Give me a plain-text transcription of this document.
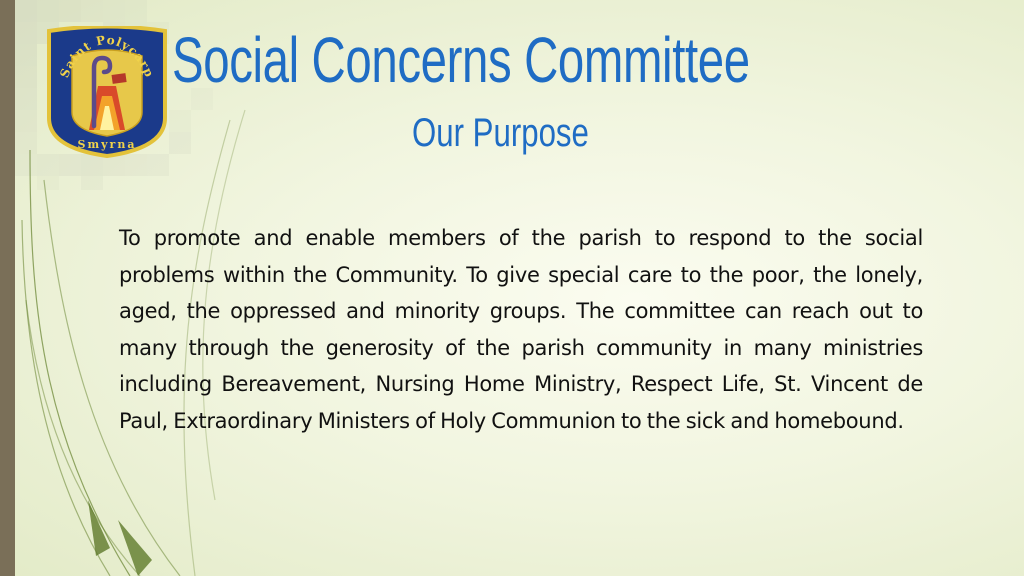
Saint Polycarp
Smyrna
Social Concerns Committee
Our Purpose

To promote and enable members of the parish to respond to the social problems within the Community. To give special care to the poor, the lonely, aged, the oppressed and minority groups. The committee can reach out to many through the generosity of the parish community in many ministries including Bereavement, Nursing Home Ministry, Respect Life, St. Vincent de Paul, Extraordinary Ministers of Holy Communion to the sick and homebound.
